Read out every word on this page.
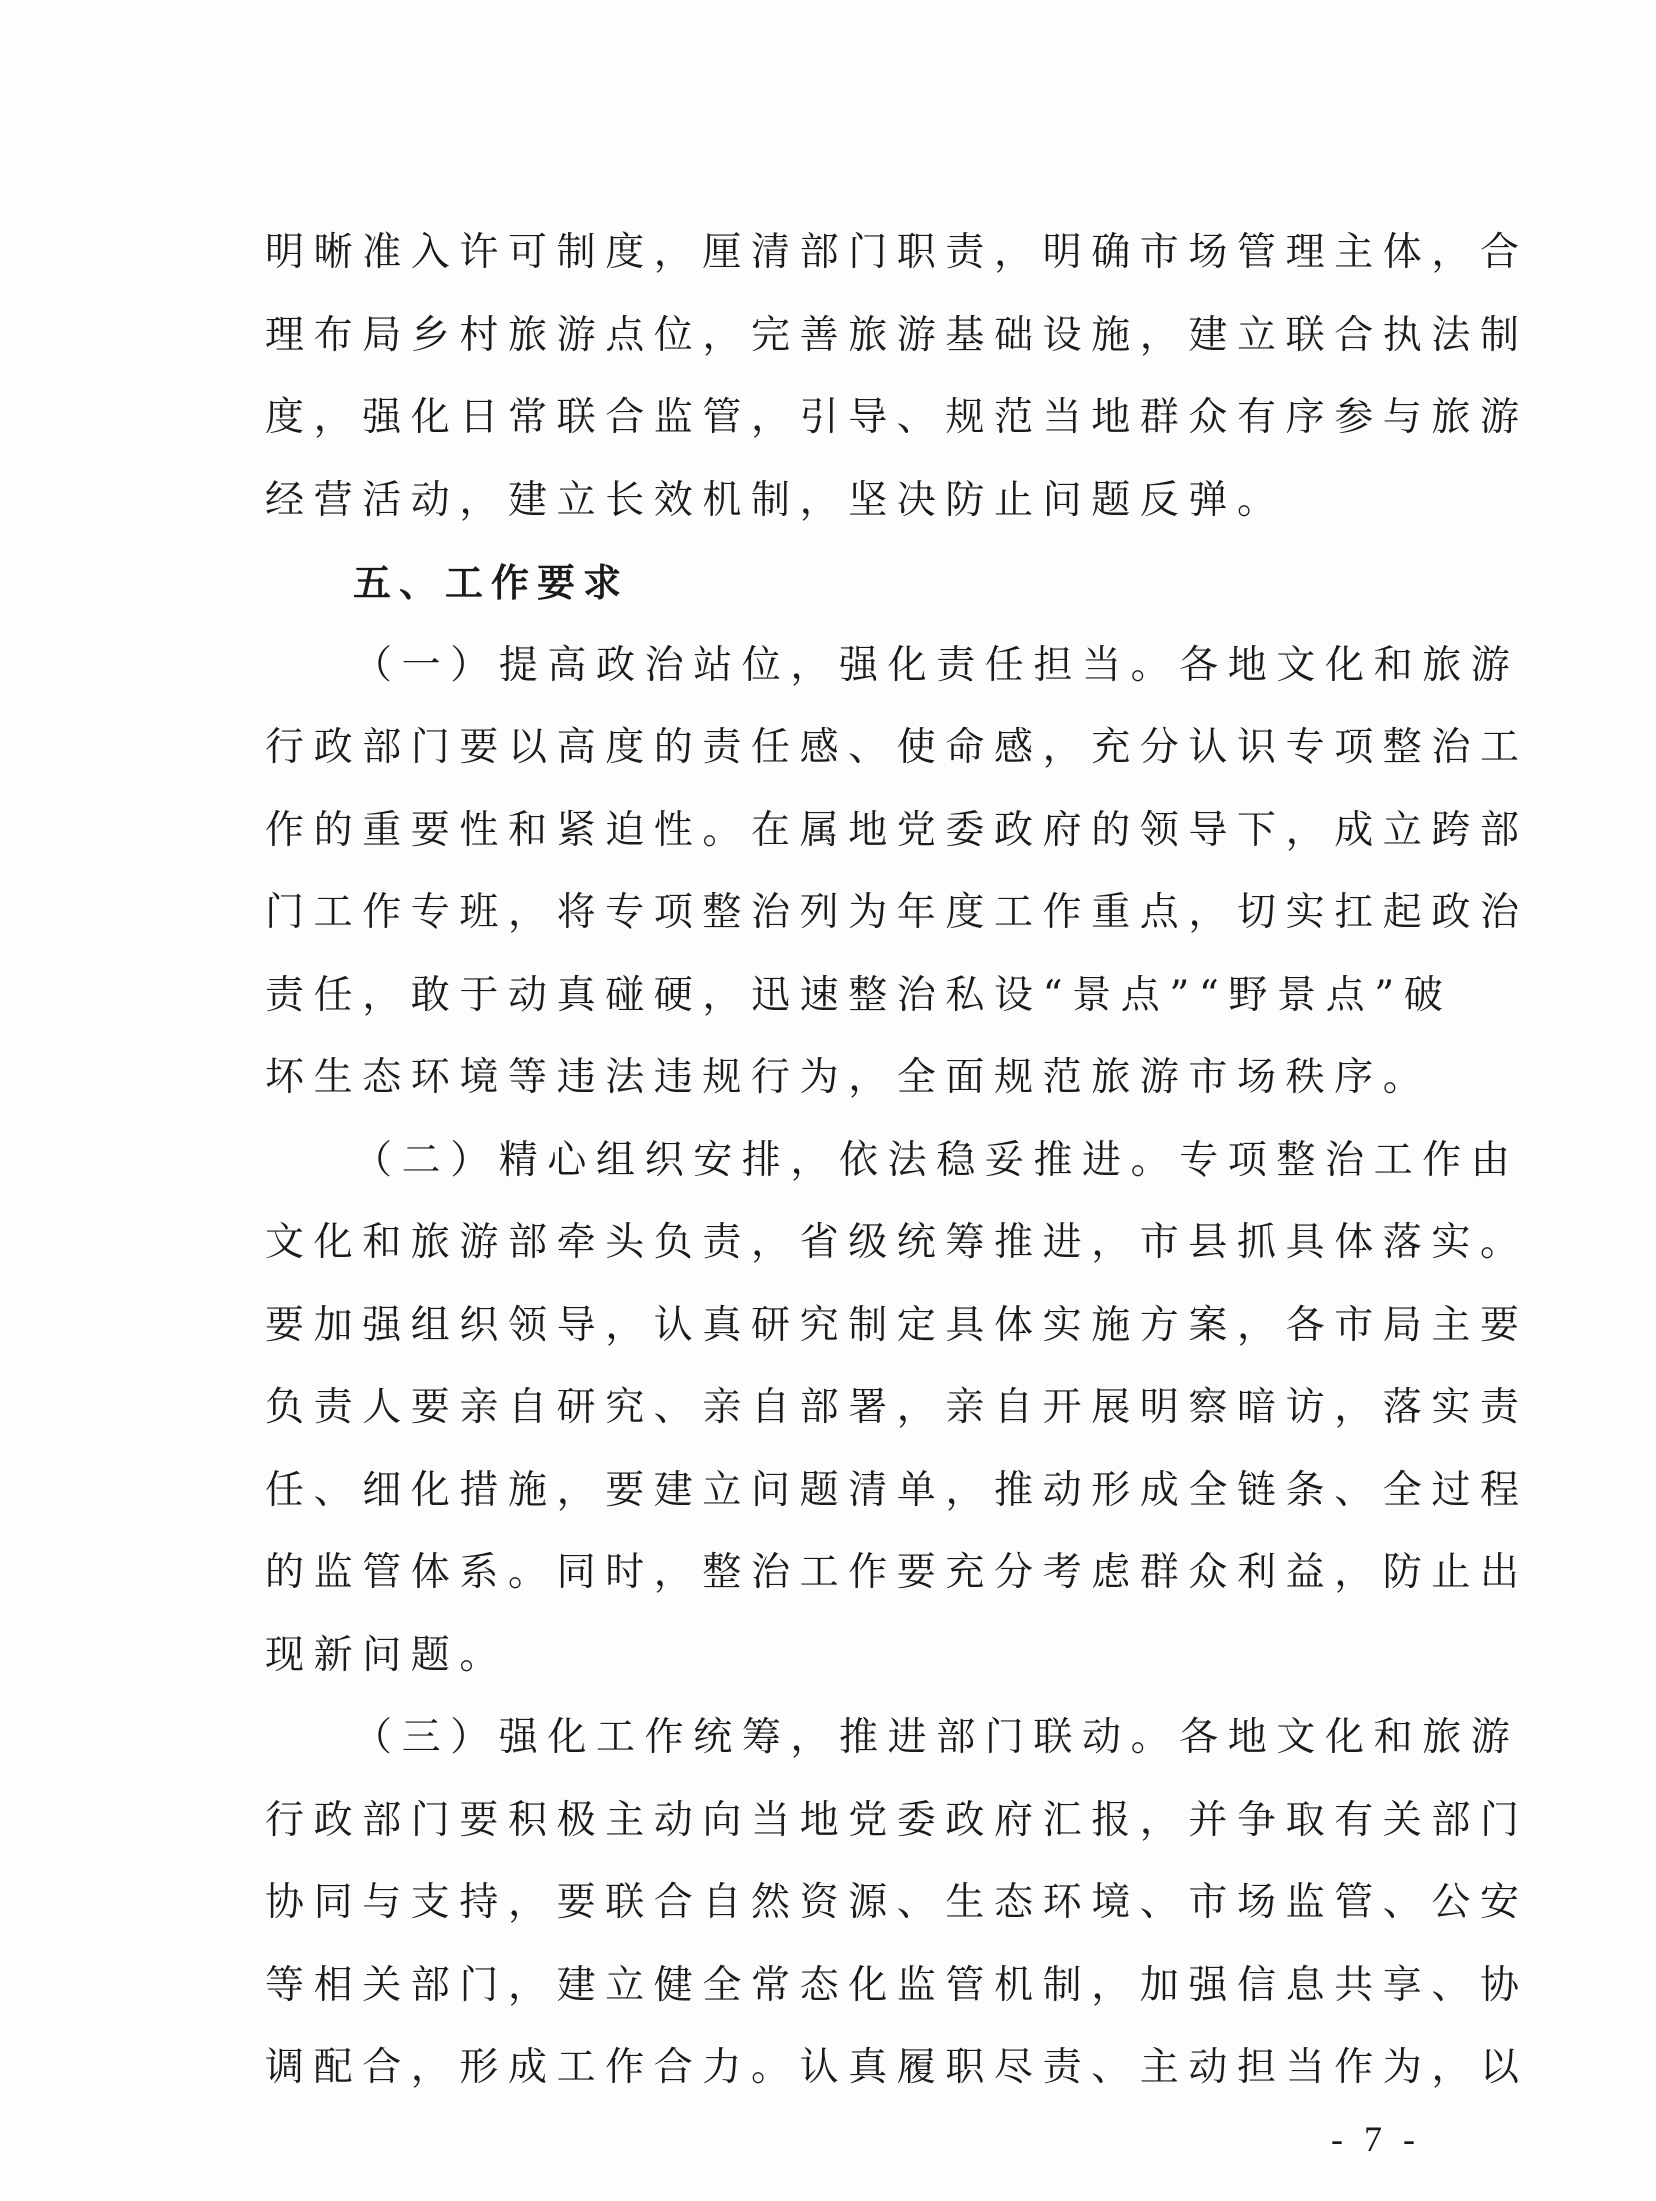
明晰准入许可制度，厘清部门职责，明确市场管理主体，合
理布局乡村旅游点位，完善旅游基础设施，建立联合执法制
度，强化日常联合监管，引导、规范当地群众有序参与旅游
经营活动，建立长效机制，坚决防止问题反弹。
五、工作要求
（一）提高政治站位，强化责任担当。各地文化和旅游
行政部门要以高度的责任感、使命感，充分认识专项整治工
作的重要性和紧迫性。在属地党委政府的领导下，成立跨部
门工作专班，将专项整治列为年度工作重点，切实扛起政治
责任，敢于动真碰硬，迅速整治私设“景点”“野景点”破
坏生态环境等违法违规行为，全面规范旅游市场秩序。
（二）精心组织安排，依法稳妥推进。专项整治工作由
文化和旅游部牵头负责，省级统筹推进，市县抓具体落实。
要加强组织领导，认真研究制定具体实施方案，各市局主要
负责人要亲自研究、亲自部署，亲自开展明察暗访，落实责
任、细化措施，要建立问题清单，推动形成全链条、全过程
的监管体系。同时，整治工作要充分考虑群众利益，防止出
现新问题。
（三）强化工作统筹，推进部门联动。各地文化和旅游
行政部门要积极主动向当地党委政府汇报，并争取有关部门
协同与支持，要联合自然资源、生态环境、市场监管、公安
等相关部门，建立健全常态化监管机制，加强信息共享、协
调配合，形成工作合力。认真履职尽责、主动担当作为，以
- 7 -
